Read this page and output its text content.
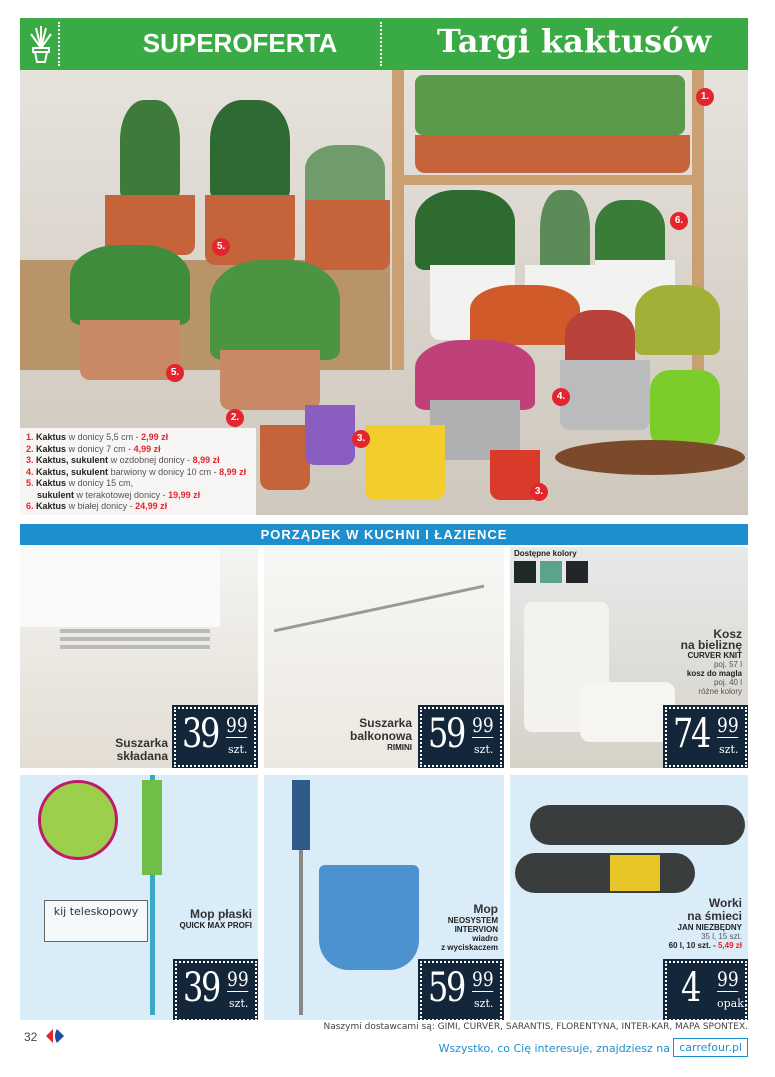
SUPEROFERTA	Targi kaktusów
1.
5.
5.
2.
3.
6.
4.
3.
1. Kaktus w donicy 5,5 cm - 2,99 zł
2. Kaktus w donicy 7 cm - 4,99 zł
3. Kaktus, sukulent w ozdobnej donicy - 8,99 zł
4. Kaktus, sukulent barwiony w donicy 10 cm - 8,99 zł
5. Kaktus w donicy 15 cm,
sukulent w terakotowej donicy - 19,99 zł
6. Kaktus w białej donicy - 24,99 zł
PORZĄDEK W KUCHNI I ŁAZIENCE
Suszarka
składana 39 99
szt.
Suszarka
balkonowa
RIMINI 59 99
szt.
Dostępne kolory
Kosz
na bieliznę
CURVER KNIT
poj. 57 l
kosz do magla
poj. 40 l
różne kolory
74 99
szt.
kij teleskopowy	Mop płaski
QUICK MAX PROFI
39 99
szt.
Mop
NEOSYSTEM
INTERVION
wiadro
z wyciskaczem
59 99
szt.
Worki
na śmieci
JAN NIEZBĘDNY
35 l, 15 szt.
60 l, 10 szt. - 5,49 zł
4 99
opak.
32
Naszymi dostawcami są: GIMI, CURVER, SARANTIS, FLORENTYNA, INTER-KAR, MAPA SPONTEX.
Wszystko, co Cię interesuje, znajdziesz na carrefour.pl
